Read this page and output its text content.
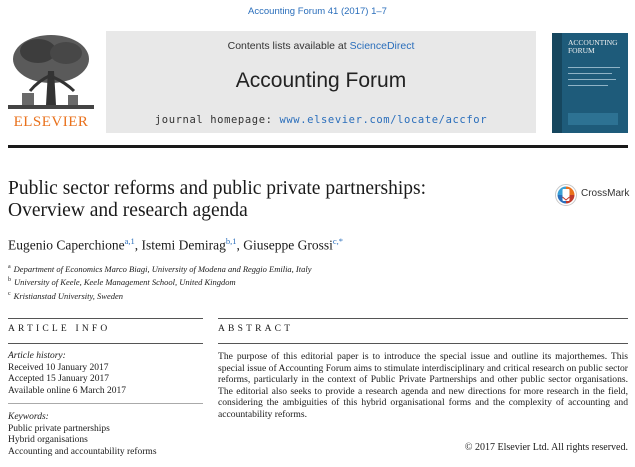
Accounting Forum 41 (2017) 1–7
ELSEVIER
Contents lists available at ScienceDirect
Accounting Forum
journal homepage: www.elsevier.com/locate/accfor
ACCOUNTING FORUM
Public sector reforms and public private partnerships:
Overview and research agenda
CrossMark
Eugenio Caperchione$^{a,1}$, Istemi Demirag$^{b,1}$, Giuseppe Grossi$^{c,*}$
$^a$ Department of Economics Marco Biagi, University of Modena and Reggio Emilia, Italy
$^b$ University of Keele, Keele Management School, United Kingdom
$^c$ Kristianstad University, Sweden
ARTICLE INFO	ABSTRACT
Article history:
Received 10 January 2017
Accepted 15 January 2017
Available online 6 March 2017
Keywords:
Public private partnerships
Hybrid organisations
Accounting and accountability reforms
The purpose of this editorial paper is to introduce the special issue and outline its majorthemes. This special issue of Accounting Forum aims to stimulate interdisciplinary and critical research on public sector reforms, particularly in the context of Public Private Partnerships and other public sector organisations. The editorial also seeks to provide a research agenda and new directions for more research in the field, considering the ambiguities of this hybrid organisational forms and the complexity of accounting and accountability reforms.
© 2017 Elsevier Ltd. All rights reserved.
